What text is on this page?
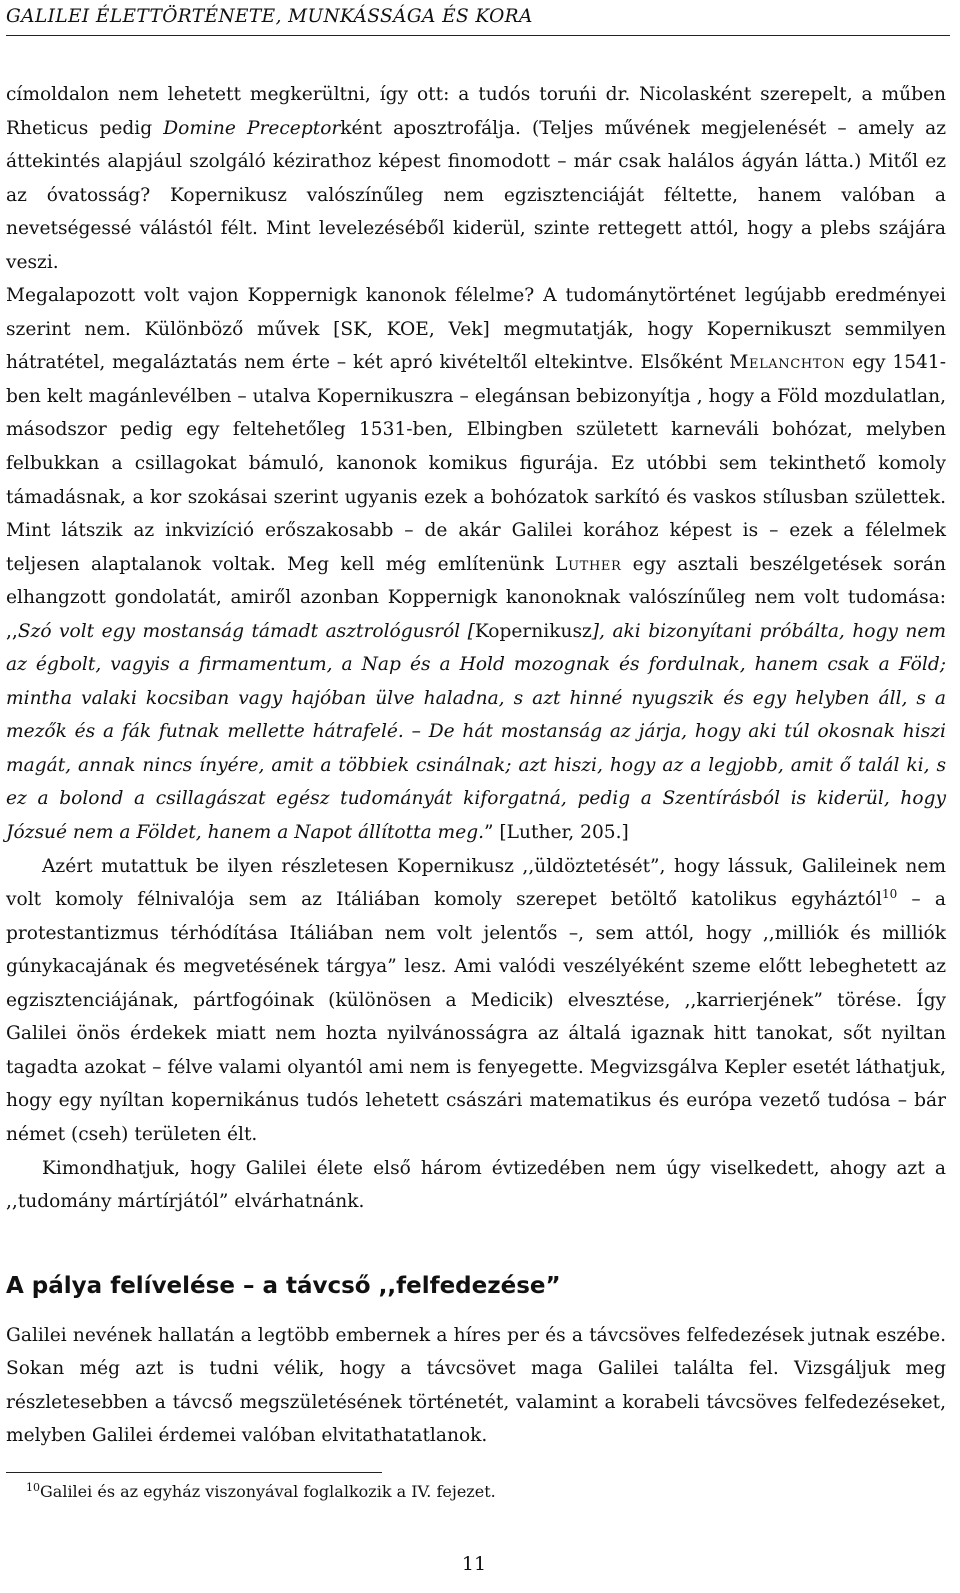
GALILEI ÉLETTÖRTÉNETE, MUNKÁSSÁGA ÉS KORA

címoldalon nem lehetett megkerültni, így ott: a tudós toruńi dr. Nicolasként szerepelt, a műben Rheticus pedig Domine Preceptorként aposztrofálja. (Teljes művének megjelenését – amely az áttekintés alapjául szolgáló kézirathoz képest finomodott – már csak halálos ágyán látta.) Mitől ez az óvatosság? Kopernikusz valószínűleg nem egzisztenciáját féltette, hanem valóban a nevetségessé válástól félt. Mint levelezéséből kiderül, szinte rettegett attól, hogy a plebs szájára veszi.

Megalapozott volt vajon Koppernigk kanonok félelme? A tudománytörténet legújabb eredményei szerint nem. Különböző művek [SK, KOE, Vek] megmutatják, hogy Kopernikuszt semmilyen hátratétel, megaláztatás nem érte – két apró kivételtől eltekintve. Elsőként Melanchton egy 1541-ben kelt magánlevélben – utalva Kopernikuszra – elegánsan bebizonyítja , hogy a Föld mozdulatlan, másodszor pedig egy feltehetőleg 1531-ben, Elbingben született karneváli bohózat, melyben felbukkan a csillagokat bámuló, kanonok komikus figurája. Ez utóbbi sem tekinthető komoly támadásnak, a kor szokásai szerint ugyanis ezek a bohózatok sarkító és vaskos stílusban születtek. Mint látszik az inkvizíció erőszakosabb – de akár Galilei korához képest is – ezek a félelmek teljesen alaptalanok voltak. Meg kell még említenünk Luther egy asztali beszélgetések során elhangzott gondolatát, amiről azonban Koppernigk kanonoknak valószínűleg nem volt tudomása: ,,Szó volt egy mostanság támadt asztrológusról [Kopernikusz], aki bizonyítani próbálta, hogy nem az égbolt, vagyis a firmamentum, a Nap és a Hold mozognak és fordulnak, hanem csak a Föld; mintha valaki kocsiban vagy hajóban ülve haladna, s azt hinné nyugszik és egy helyben áll, s a mezők és a fák futnak mellette hátrafelé. – De hát mostanság az járja, hogy aki túl okosnak hiszi magát, annak nincs ínyére, amit a többiek csinálnak; azt hiszi, hogy az a legjobb, amit ő talál ki, s ez a bolond a csillagászat egész tudományát kiforgatná, pedig a Szentírásból is kiderül, hogy Józsué nem a Földet, hanem a Napot állította meg.” [Luther, 205.]

Azért mutattuk be ilyen részletesen Kopernikusz ,,üldöztetését”, hogy lássuk, Galileinek nem volt komoly félnivalója sem az Itáliában komoly szerepet betöltő katolikus egyháztól$^{10}$ – a protestantizmus térhódítása Itáliában nem volt jelentős –, sem attól, hogy ,,milliók és milliók gúnykacajának és megvetésének tárgya” lesz. Ami valódi veszélyéként szeme előtt lebeghetett az egzisztenciájának, pártfogóinak (különösen a Medicik) elvesztése, ,,karrierjének” törése. Így Galilei önös érdekek miatt nem hozta nyilvánosságra az általá igaznak hitt tanokat, sőt nyiltan tagadta azokat – félve valami olyantól ami nem is fenyegette. Megvizsgálva Kepler esetét láthatjuk, hogy egy nyíltan kopernikánus tudós lehetett császári matematikus és európa vezető tudósa – bár német (cseh) területen élt.

Kimondhatjuk, hogy Galilei élete első három évtizedében nem úgy viselkedett, ahogy azt a ,,tudomány mártírjától” elvárhatnánk.

A pálya felívelése – a távcső ,,felfedezése”

Galilei nevének hallatán a legtöbb embernek a híres per és a távcsöves felfedezések jutnak eszébe. Sokan még azt is tudni vélik, hogy a távcsövet maga Galilei találta fel. Vizsgáljuk meg részletesebben a távcső megszületésének történetét, valamint a korabeli távcsöves felfedezéseket, melyben Galilei érdemei valóban elvitathatatlanok.

$^{10}$Galilei és az egyház viszonyával foglalkozik a IV. fejezet.
11
